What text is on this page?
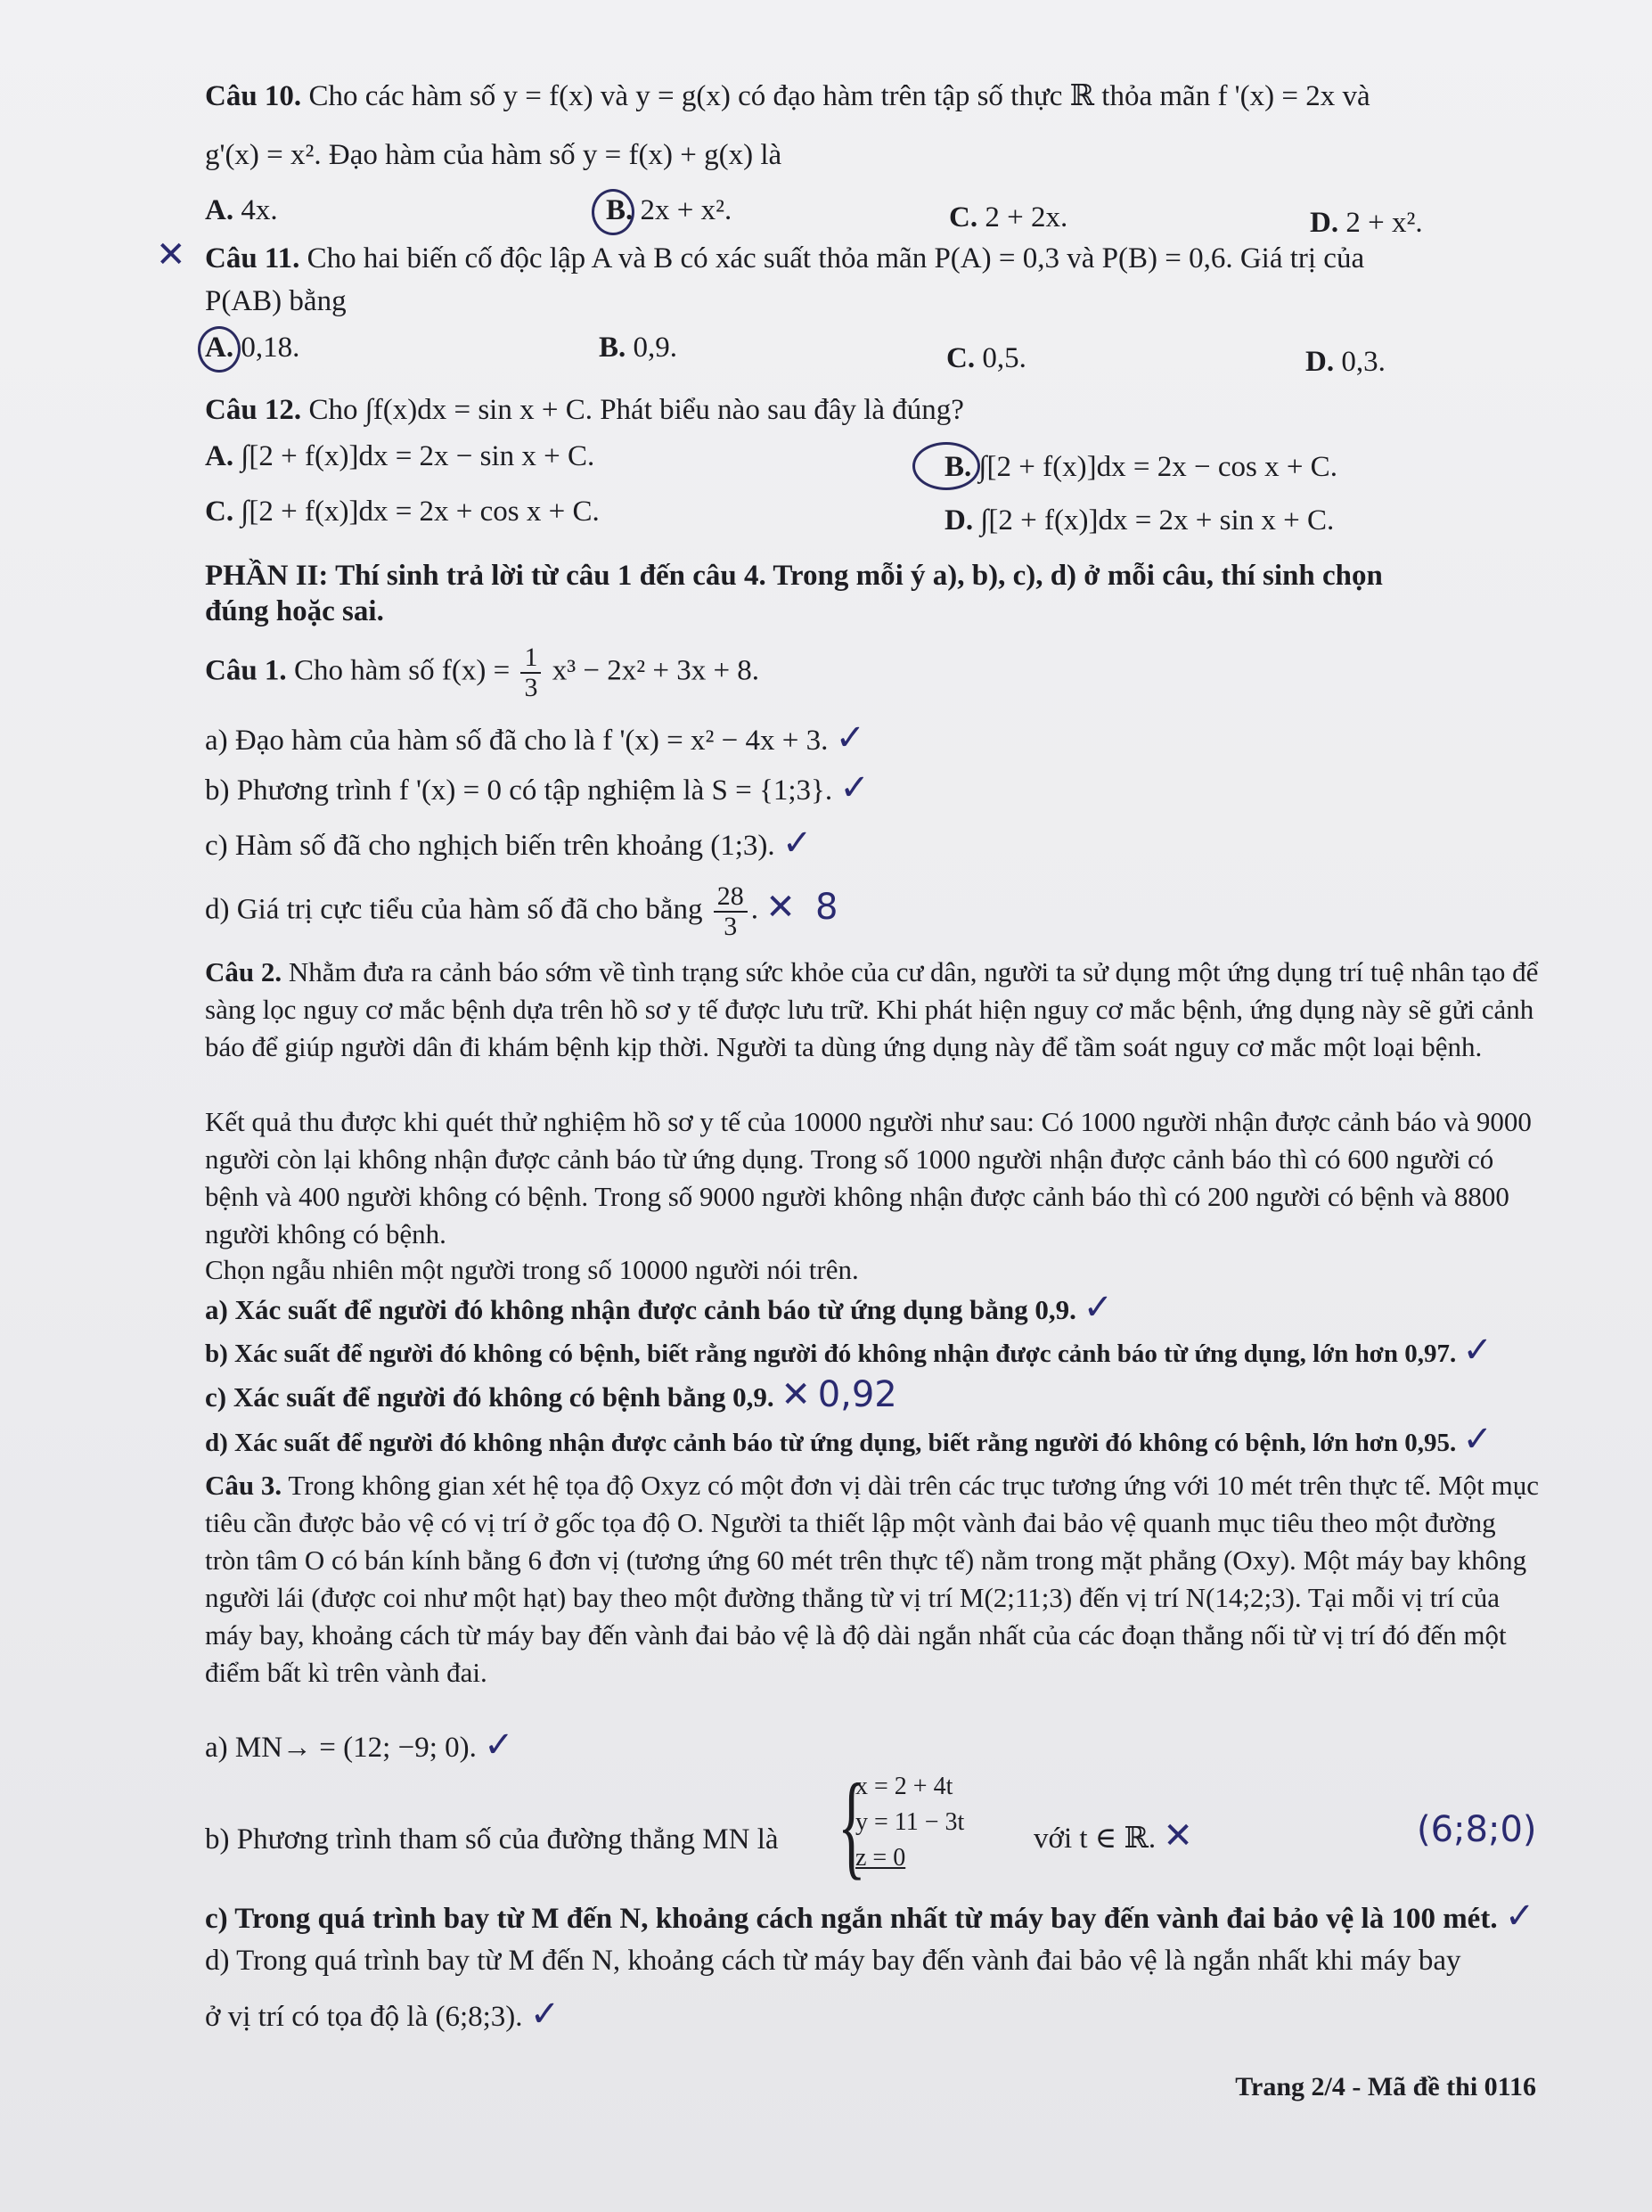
Câu 10. Cho các hàm số y = f(x) và y = g(x) có đạo hàm trên tập số thực ℝ thỏa mãn f '(x) = 2x và
g'(x) = x². Đạo hàm của hàm số y = f(x) + g(x) là
A. 4x.	B. 2x + x².	C. 2 + 2x.	D. 2 + x².
✕ Câu 11. Cho hai biến cố độc lập A và B có xác suất thỏa mãn P(A) = 0,3 và P(B) = 0,6. Giá trị của
P(AB) bằng
A. 0,18.	B. 0,9.	C. 0,5.	D. 0,3.
Câu 12. Cho ∫f(x)dx = sin x + C. Phát biểu nào sau đây là đúng?
A. ∫[2 + f(x)]dx = 2x − sin x + C.	B. ∫[2 + f(x)]dx = 2x − cos x + C.
C. ∫[2 + f(x)]dx = 2x + cos x + C.	D. ∫[2 + f(x)]dx = 2x + sin x + C.
PHẦN II: Thí sinh trả lời từ câu 1 đến câu 4. Trong mỗi ý a), b), c), d) ở mỗi câu, thí sinh chọn
đúng hoặc sai.
Câu 1. Cho hàm số $f(x) = \frac{1}{3} x^3 - 2x^2 + 3x + 8$.
a) Đạo hàm của hàm số đã cho là f '(x) = x² − 4x + 3. ✓
b) Phương trình f '(x) = 0 có tập nghiệm là S = {1;3}. ✓
c) Hàm số đã cho nghịch biến trên khoảng (1;3). ✓
d) Giá trị cực tiểu của hàm số đã cho bằng $\frac{28}{3}$ . ✕ 8
Câu 2. Nhằm đưa ra cảnh báo sớm về tình trạng sức khỏe của cư dân, người ta sử dụng một ứng dụng trí tuệ nhân tạo để sàng lọc nguy cơ mắc bệnh dựa trên hồ sơ y tế được lưu trữ. Khi phát hiện nguy cơ mắc bệnh, ứng dụng này sẽ gửi cảnh báo để giúp người dân đi khám bệnh kịp thời. Người ta dùng ứng dụng này để tầm soát nguy cơ mắc một loại bệnh.
Kết quả thu được khi quét thử nghiệm hồ sơ y tế của 10000 người như sau: Có 1000 người nhận được cảnh báo và 9000 người còn lại không nhận được cảnh báo từ ứng dụng. Trong số 1000 người nhận được cảnh báo thì có 600 người có bệnh và 400 người không có bệnh. Trong số 9000 người không nhận được cảnh báo thì có 200 người có bệnh và 8800 người không có bệnh.
Chọn ngẫu nhiên một người trong số 10000 người nói trên.
a) Xác suất để người đó không nhận được cảnh báo từ ứng dụng bằng 0,9. ✓
b) Xác suất để người đó không có bệnh, biết rằng người đó không nhận được cảnh báo từ ứng dụng, lớn hơn 0,97. ✓
c) Xác suất để người đó không có bệnh bằng 0,9. ✕ 0,92
d) Xác suất để người đó không nhận được cảnh báo từ ứng dụng, biết rằng người đó không có bệnh, lớn hơn 0,95. ✓
Câu 3. Trong không gian xét hệ tọa độ Oxyz có một đơn vị dài trên các trục tương ứng với 10 mét trên thực tế. Một mục tiêu cần được bảo vệ có vị trí ở gốc tọa độ O. Người ta thiết lập một vành đai bảo vệ quanh mục tiêu theo một đường tròn tâm O có bán kính bằng 6 đơn vị (tương ứng 60 mét trên thực tế) nằm trong mặt phẳng (Oxy). Một máy bay không người lái (được coi như một hạt) bay theo một đường thẳng từ vị trí M(2;11;3) đến vị trí N(14;2;3). Tại mỗi vị trí của máy bay, khoảng cách từ máy bay đến vành đai bảo vệ là độ dài ngắn nhất của các đoạn thẳng nối từ vị trí đó đến một điểm bất kì trên vành đai.
a) MN→ = (12; −9; 0). ✓
b) Phương trình tham số của đường thẳng MN là {
x = 2 + 4t
y = 11 − 3t
z = 0
với t ∈ ℝ. ✕	(6;8;0)
c) Trong quá trình bay từ M đến N, khoảng cách ngắn nhất từ máy bay đến vành đai bảo vệ là 100 mét. ✓
d) Trong quá trình bay từ M đến N, khoảng cách từ máy bay đến vành đai bảo vệ là ngắn nhất khi máy bay
ở vị trí có tọa độ là (6;8;3). ✓
Trang 2/4 - Mã đề thi 0116
